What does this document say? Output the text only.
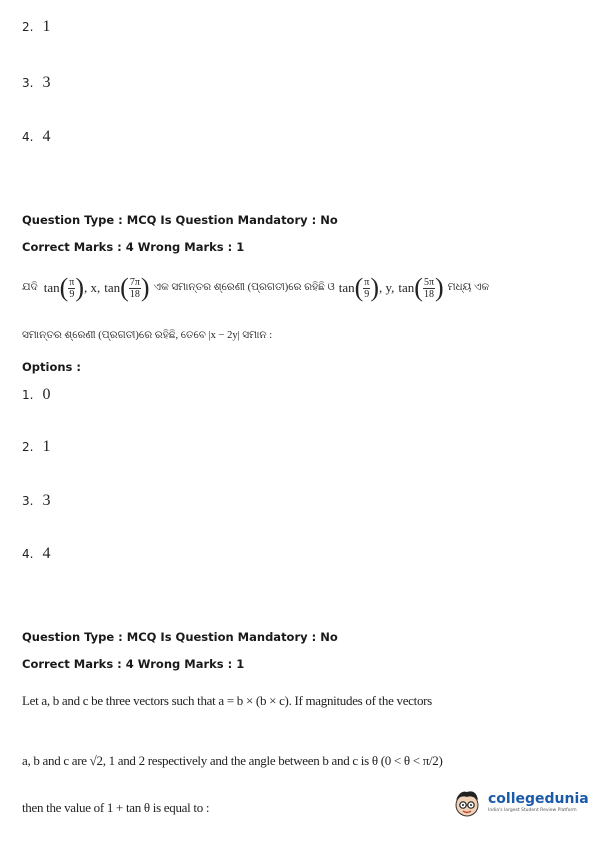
2. 1
3. 3
4. 4
Question Type : MCQ Is Question Mandatory : No
Correct Marks : 4 Wrong Marks : 1
ଯଦି tan ( $\frac{\pi}{9}$ ) , x, tan ( $\frac{7\pi}{18}$ ) ଏକ ସମାନ୍ତର ଶ୍ରେଣୀ (ପ୍ରଗତୀ)ରେ ରହିଛି ଓ tan ( $\frac{\pi}{9}$ ) , y, tan ( $\frac{5\pi}{18}$ ) ମଧ୍ୟ ଏକ
ସମାନ୍ତର ଶ୍ରେଣୀ (ପ୍ରଗତୀ)ରେ ରହିଛି, ତେବେ |x − 2y| ସମାନ :
Options :
1. 0
2. 1
3. 3
4. 4
Question Type : MCQ Is Question Mandatory : No
Correct Marks : 4 Wrong Marks : 1
Let a, b and c be three vectors such that a = b × (b × c). If magnitudes of the vectors
a, b and c are √2, 1 and 2 respectively and the angle between b and c is θ (0 < θ < π/2)
then the value of 1 + tan θ is equal to :
collegedunia
India's largest Student Review Platform
